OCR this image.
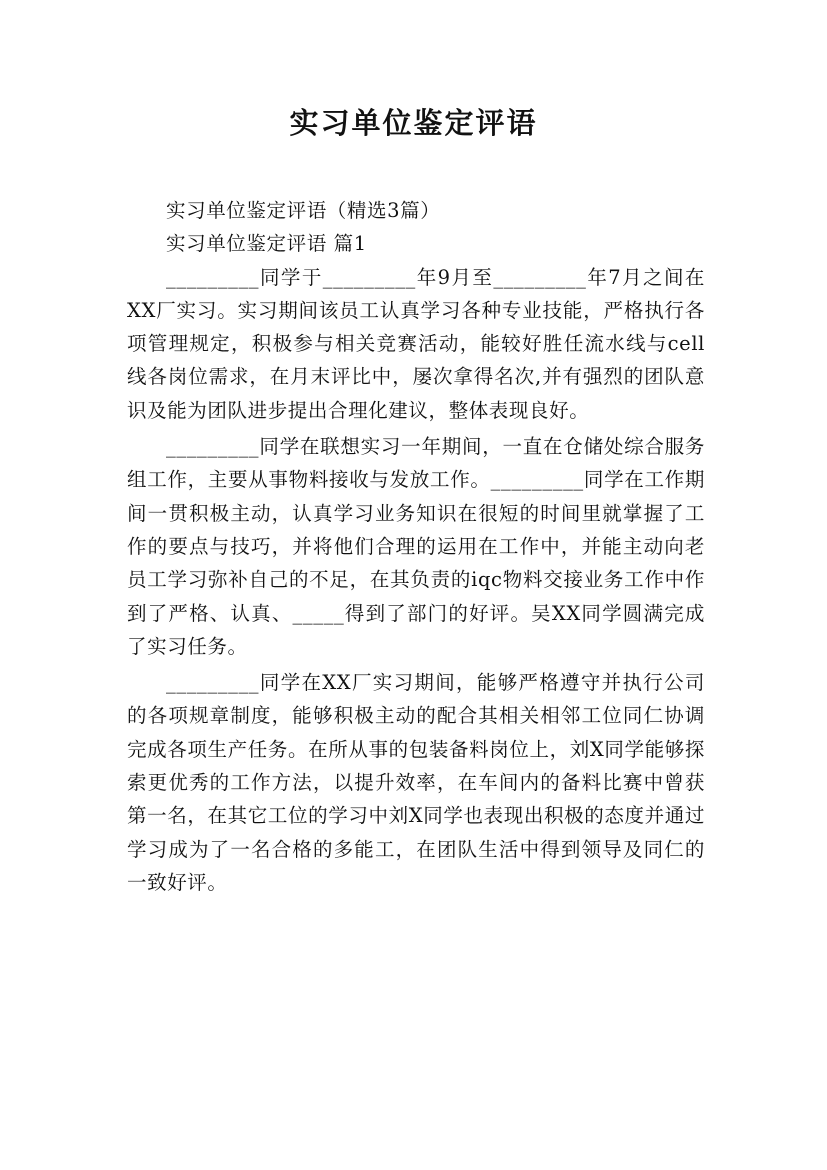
实习单位鉴定评语

实习单位鉴定评语（精选3篇）

实习单位鉴定评语 篇1

_________同学于_________年9月至_________年7月之间在XX厂实习。实习期间该员工认真学习各种专业技能，严格执行各项管理规定，积极参与相关竞赛活动，能较好胜任流水线与cell线各岗位需求，在月末评比中，屡次拿得名次,并有强烈的团队意识及能为团队进步提出合理化建议，整体表现良好。

_________同学在联想实习一年期间，一直在仓储处综合服务组工作，主要从事物料接收与发放工作。_________同学在工作期间一贯积极主动，认真学习业务知识在很短的时间里就掌握了工作的要点与技巧，并将他们合理的运用在工作中，并能主动向老员工学习弥补自己的不足，在其负责的iqc物料交接业务工作中作到了严格、认真、_____得到了部门的好评。吴XX同学圆满完成了实习任务。

_________同学在XX厂实习期间，能够严格遵守并执行公司的各项规章制度，能够积极主动的配合其相关相邻工位同仁协调完成各项生产任务。在所从事的包装备料岗位上，刘X同学能够探索更优秀的工作方法，以提升效率，在车间内的备料比赛中曾获第一名，在其它工位的学习中刘X同学也表现出积极的态度并通过学习成为了一名合格的多能工，在团队生活中得到领导及同仁的一致好评。
